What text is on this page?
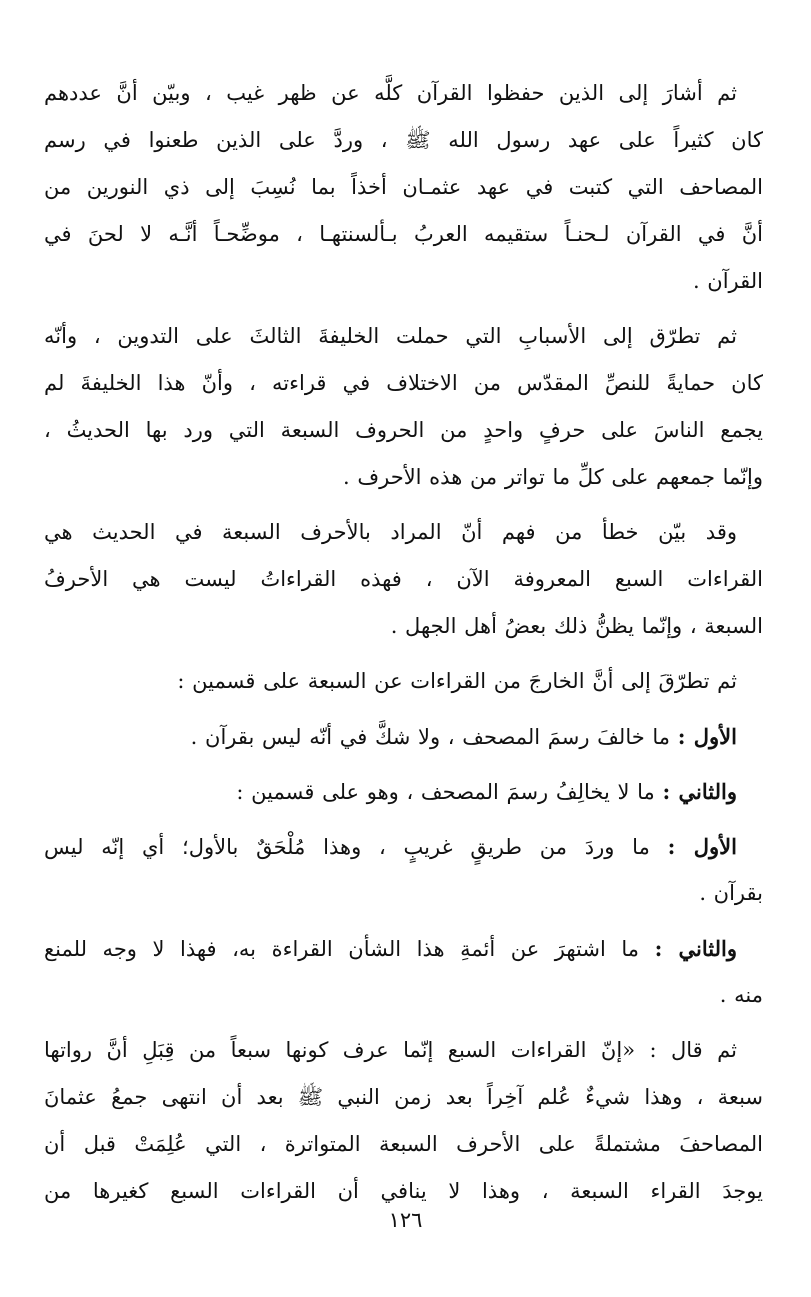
ثم أشارَ إلى الذين حفظوا القرآن كلَّه عن ظهر غيب ، وبيّن أنَّ عددهم
كان كثيراً على عهد رسول الله ﷺ ، وردَّ على الذين طعنوا في رسم
المصاحف التي كتبت في عهد عثمـان أخذاً بما نُسِبَ إلى ذي النورين من
أنَّ في القرآن لـحنـاً ستقيمه العربُ بـألسنتهـا ، موضِّحـاً أنَّـه لا لحنَ في
القرآن .
ثم تطرّق إلى الأسبابِ التي حملت الخليفةَ الثالثَ على التدوين ، وأنّه
كان حمايةً للنصِّ المقدّس من الاختلاف في قراءته ، وأنّ هذا الخليفةَ لم
يجمع الناسَ على حرفٍ واحدٍ من الحروف السبعة التي ورد بها الحديثُ ،
وإنّما جمعهم على كلِّ ما تواتر من هذه الأحرف .
وقد بيّن خطأ من فهم أنّ المراد بالأحرف السبعة في الحديث هي
القراءات السبع المعروفة الآن ، فهذه القراءاتُ ليست هي الأحرفُ
السبعة ، وإنّما يظنُّ ذلك بعضُ أهل الجهل .
ثم تطرّقَ إلى أنَّ الخارجَ من القراءات عن السبعة على قسمين :
الأول : ما خالفَ رسمَ المصحف ، ولا شكَّ في أنّه ليس بقرآن .
والثاني : ما لا يخالِفُ رسمَ المصحف ، وهو على قسمين :
الأول : ما وردَ من طريقٍ غريبٍ ، وهذا مُلْحَقٌ بالأول؛ أي إنّه ليس
بقرآن .
والثاني : ما اشتهرَ عن أئمةِ هذا الشأن القراءة به، فهذا لا وجه للمنع
منه .
ثم قال : «إنّ القراءات السبع إنّما عرف كونها سبعاً من قِبَلِ أنَّ رواتها
سبعة ، وهذا شيءٌ عُلم آخِراً بعد زمن النبي ﷺ بعد أن انتهى جمعُ عثمانَ
المصاحفَ مشتملةً على الأحرف السبعة المتواترة ، التي عُلِمَتْ قبل أن
يوجدَ القراء السبعة ، وهذا لا ينافي أن القراءات السبع كغيرها من
١٢٦
